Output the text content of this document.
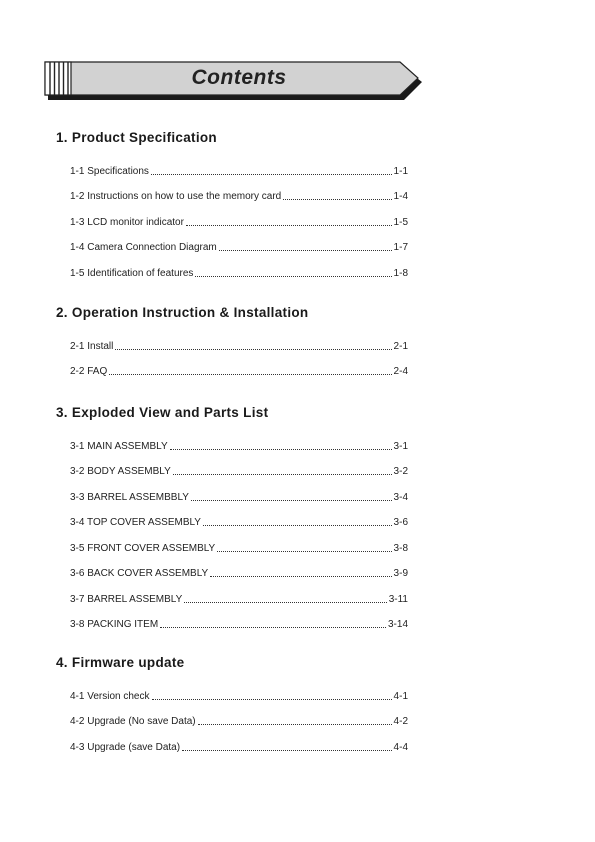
Contents
1. Product Specification
1-1 Specifications	1-1
1-2 Instructions on how to use the memory card	1-4
1-3 LCD monitor indicator	1-5
1-4 Camera Connection Diagram	1-7
1-5 Identification of features	1-8
2. Operation Instruction & Installation
2-1 Install	2-1
2-2 FAQ	2-4
3. Exploded View and Parts List
3-1 MAIN ASSEMBLY	3-1
3-2 BODY ASSEMBLY	3-2
3-3 BARREL ASSEMBBLY	3-4
3-4 TOP COVER ASSEMBLY	3-6
3-5 FRONT COVER ASSEMBLY	3-8
3-6 BACK COVER ASSEMBLY	3-9
3-7 BARREL ASSEMBLY	3-11
3-8 PACKING ITEM	3-14
4. Firmware update
4-1 Version check	4-1
4-2 Upgrade (No save Data)	4-2
4-3 Upgrade (save Data)	4-4
